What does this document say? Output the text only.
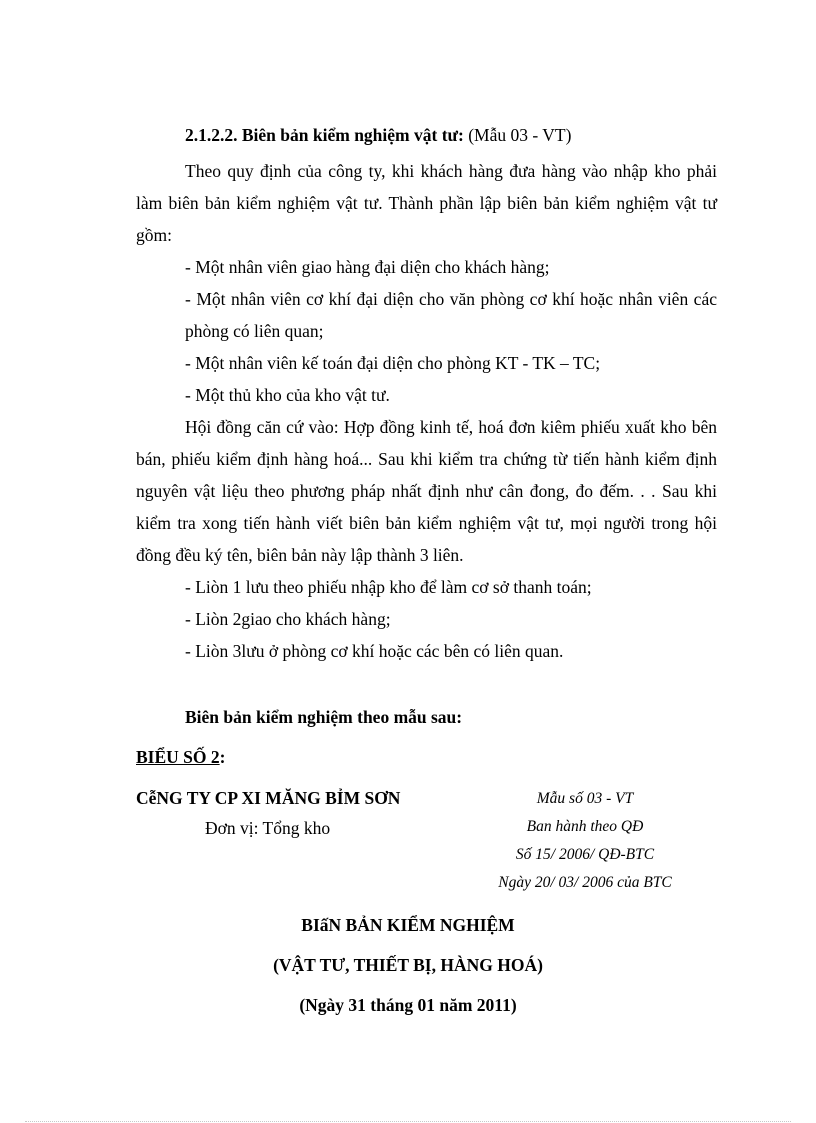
2.1.2.2. Biên bản kiểm nghiệm vật tư: (Mẫu 03 - VT)

Theo quy định của công ty, khi khách hàng đưa hàng vào nhập kho phải làm biên bản kiểm nghiệm vật tư. Thành phần lập biên bản kiểm nghiệm vật tư gồm:

- Một nhân viên giao hàng đại diện cho khách hàng;

- Một nhân viên cơ khí đại diện cho văn phòng cơ khí hoặc nhân viên các phòng có liên quan;

- Một nhân viên kế toán đại diện cho phòng KT - TK – TC;

- Một thủ kho của kho vật tư.

Hội đồng căn cứ vào: Hợp đồng kinh tế, hoá đơn kiêm phiếu xuất kho bên bán, phiếu kiểm định hàng hoá... Sau khi kiểm tra chứng từ tiến hành kiểm định nguyên vật liệu theo phương pháp nhất định như cân đong, đo đếm. . . Sau khi kiểm tra xong tiến hành viết biên bản kiểm nghiệm vật tư, mọi người trong hội đồng đều ký tên, biên bản này lập thành 3 liên.

- Liòn 1 lưu theo phiếu nhập kho để làm cơ sở thanh toán;

- Liòn 2giao cho khách hàng;

- Liòn 3lưu ở phòng cơ khí hoặc các bên có liên quan.

Biên bản kiểm nghiệm theo mẫu sau:
BIỂU SỐ 2:
CễNG TY CP XI MĂNG BỈM SƠN
Đơn vị: Tổng kho
Mẫu số 03 - VT
Ban hành theo QĐ
Số 15/ 2006/ QĐ-BTC
Ngày 20/ 03/ 2006 của BTC
BIấN BẢN KIỂM NGHIỆM
(VẬT TƯ, THIẾT BỊ, HÀNG HOÁ)
(Ngày 31 tháng 01 năm 2011)
